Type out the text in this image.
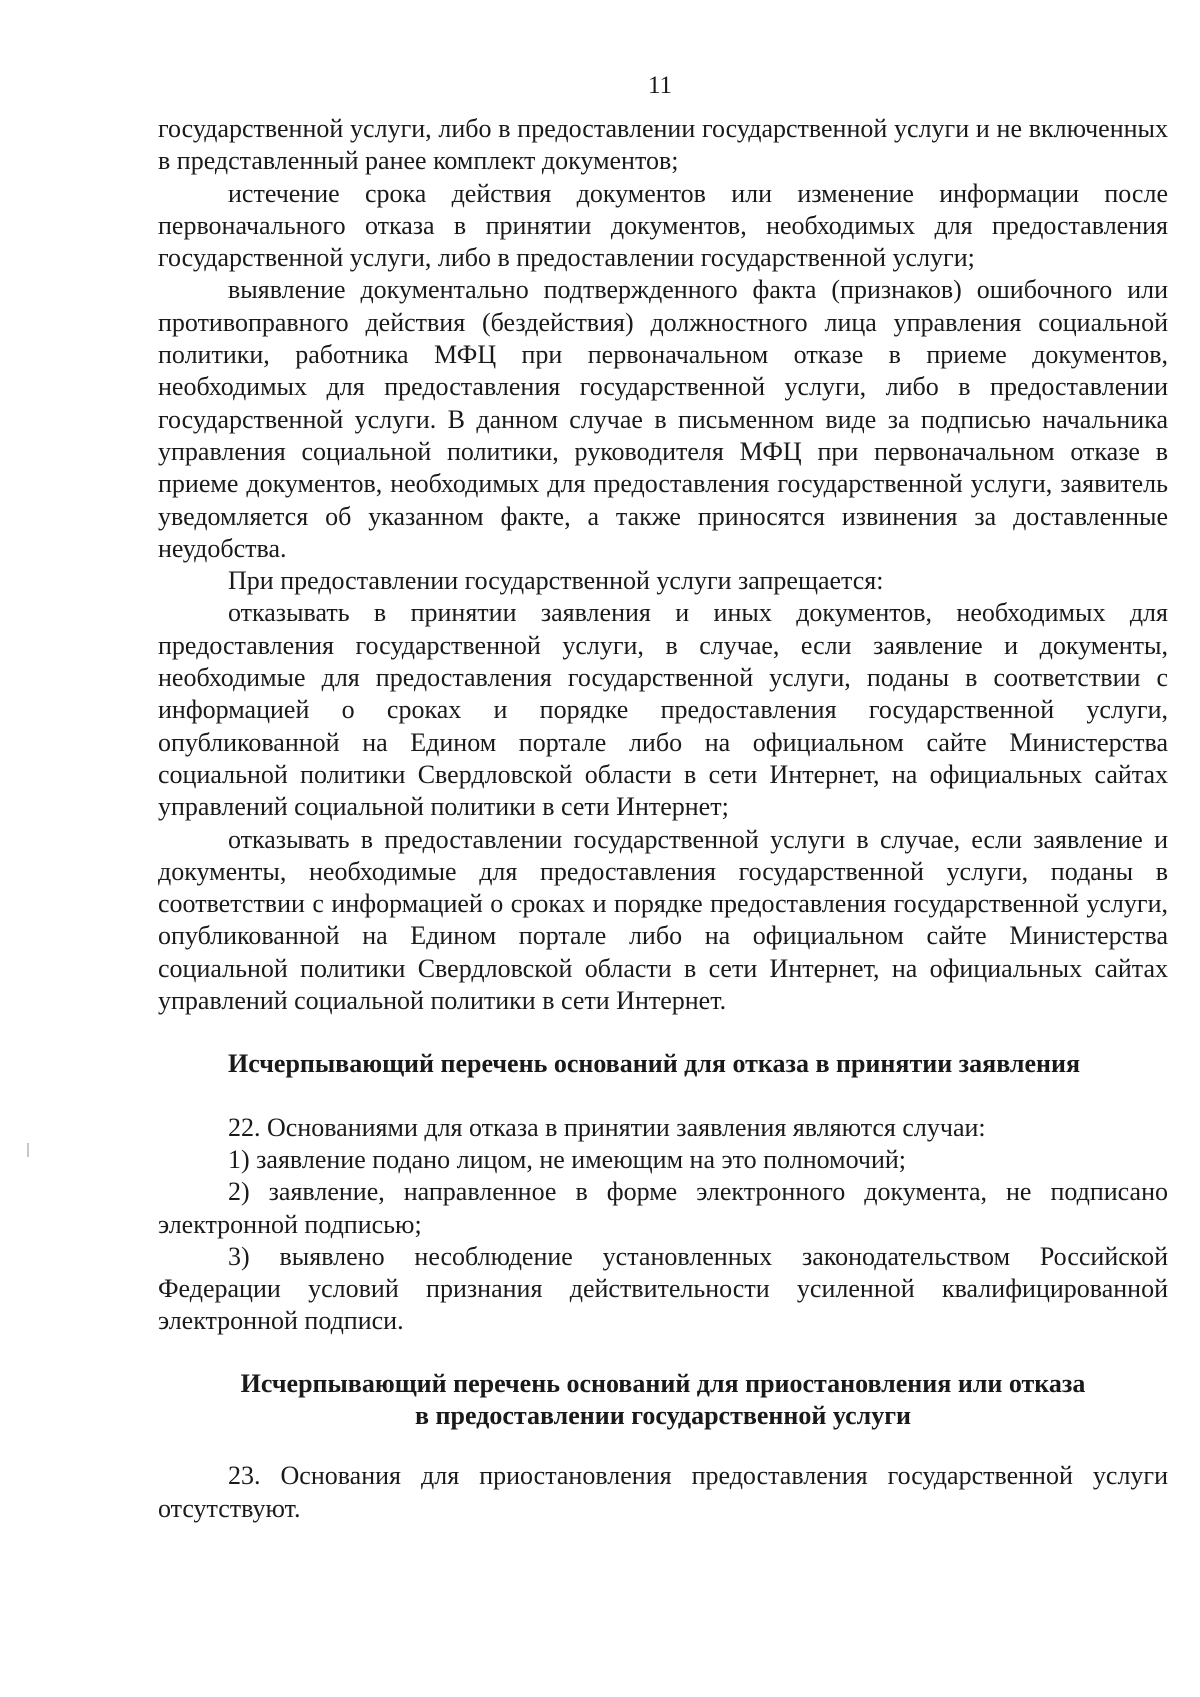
11

государственной услуги, либо в предоставлении государственной услуги и не включенных в представленный ранее комплект документов;

истечение срока действия документов или изменение информации после первоначального отказа в принятии документов, необходимых для предоставления государственной услуги, либо в предоставлении государственной услуги;

выявление документально подтвержденного факта (признаков) ошибочного или противоправного действия (бездействия) должностного лица управления социальной политики, работника МФЦ при первоначальном отказе в приеме документов, необходимых для предоставления государственной услуги, либо в предоставлении государственной услуги. В данном случае в письменном виде за подписью начальника управления социальной политики, руководителя МФЦ при первоначальном отказе в приеме документов, необходимых для предоставления государственной услуги, заявитель уведомляется об указанном факте, а также приносятся извинения за доставленные неудобства.

При предоставлении государственной услуги запрещается:

отказывать в принятии заявления и иных документов, необходимых для предоставления государственной услуги, в случае, если заявление и документы, необходимые для предоставления государственной услуги, поданы в соответствии с информацией о сроках и порядке предоставления государственной услуги, опубликованной на Едином портале либо на официальном сайте Министерства социальной политики Свердловской области в сети Интернет, на официальных сайтах управлений социальной политики в сети Интернет;

отказывать в предоставлении государственной услуги в случае, если заявление и документы, необходимые для предоставления государственной услуги, поданы в соответствии с информацией о сроках и порядке предоставления государственной услуги, опубликованной на Едином портале либо на официальном сайте Министерства социальной политики Свердловской области в сети Интернет, на официальных сайтах управлений социальной политики в сети Интернет.

Исчерпывающий перечень оснований для отказа в принятии заявления

22. Основаниями для отказа в принятии заявления являются случаи:

1) заявление подано лицом, не имеющим на это полномочий;

2) заявление, направленное в форме электронного документа, не подписано электронной подписью;

3) выявлено несоблюдение установленных законодательством Российской Федерации условий признания действительности усиленной квалифицированной электронной подписи.

Исчерпывающий перечень оснований для приостановления или отказа
в предоставлении государственной услуги

23. Основания для приостановления предоставления государственной услуги отсутствуют.
